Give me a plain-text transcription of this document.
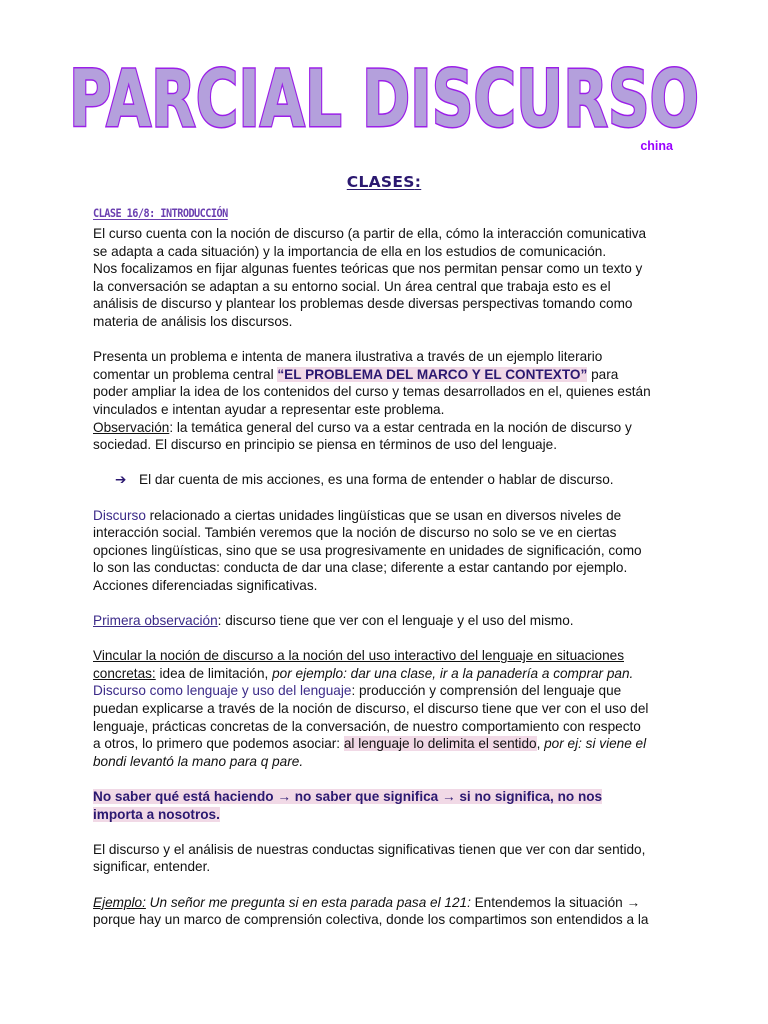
PARCIAL DISCURSO
china
CLASES:
CLASE 16/8: INTRODUCCIÓN

El curso cuenta con la noción de discurso (a partir de ella, cómo la interacción comunicativa

se adapta a cada situación) y la importancia de ella en los estudios de comunicación.

Nos focalizamos en fijar algunas fuentes teóricas que nos permitan pensar como un texto y

la conversación se adaptan a su entorno social. Un área central que trabaja esto es el

análisis de discurso y plantear los problemas desde diversas perspectivas tomando como

materia de análisis los discursos.

Presenta un problema e intenta de manera ilustrativa a través de un ejemplo literario

comentar un problema central “EL PROBLEMA DEL MARCO Y EL CONTEXTO” para

poder ampliar la idea de los contenidos del curso y temas desarrollados en el, quienes están

vinculados e intentan ayudar a representar este problema.

Observación: la temática general del curso va a estar centrada en la noción de discurso y

sociedad. El discurso en principio se piensa en términos de uso del lenguaje.

➔ El dar cuenta de mis acciones, es una forma de entender o hablar de discurso.

Discurso relacionado a ciertas unidades lingüísticas que se usan en diversos niveles de

interacción social. También veremos que la noción de discurso no solo se ve en ciertas

opciones lingüísticas, sino que se usa progresivamente en unidades de significación, como

lo son las conductas: conducta de dar una clase; diferente a estar cantando por ejemplo.

Acciones diferenciadas significativas.

Primera observación: discurso tiene que ver con el lenguaje y el uso del mismo.

Vincular la noción de discurso a la noción del uso interactivo del lenguaje en situaciones

concretas: idea de limitación, por ejemplo: dar una clase, ir a la panadería a comprar pan.

Discurso como lenguaje y uso del lenguaje: producción y comprensión del lenguaje que

puedan explicarse a través de la noción de discurso, el discurso tiene que ver con el uso del

lenguaje, prácticas concretas de la conversación, de nuestro comportamiento con respecto

a otros, lo primero que podemos asociar: al lenguaje lo delimita el sentido, por ej: si viene el

bondi levantó la mano para q pare.

No saber qué está haciendo → no saber que significa → si no significa, no nos

importa a nosotros.

El discurso y el análisis de nuestras conductas significativas tienen que ver con dar sentido,

significar, entender.

Ejemplo: Un señor me pregunta si en esta parada pasa el 121: Entendemos la situación →

porque hay un marco de comprensión colectiva, donde los compartimos son entendidos a la
